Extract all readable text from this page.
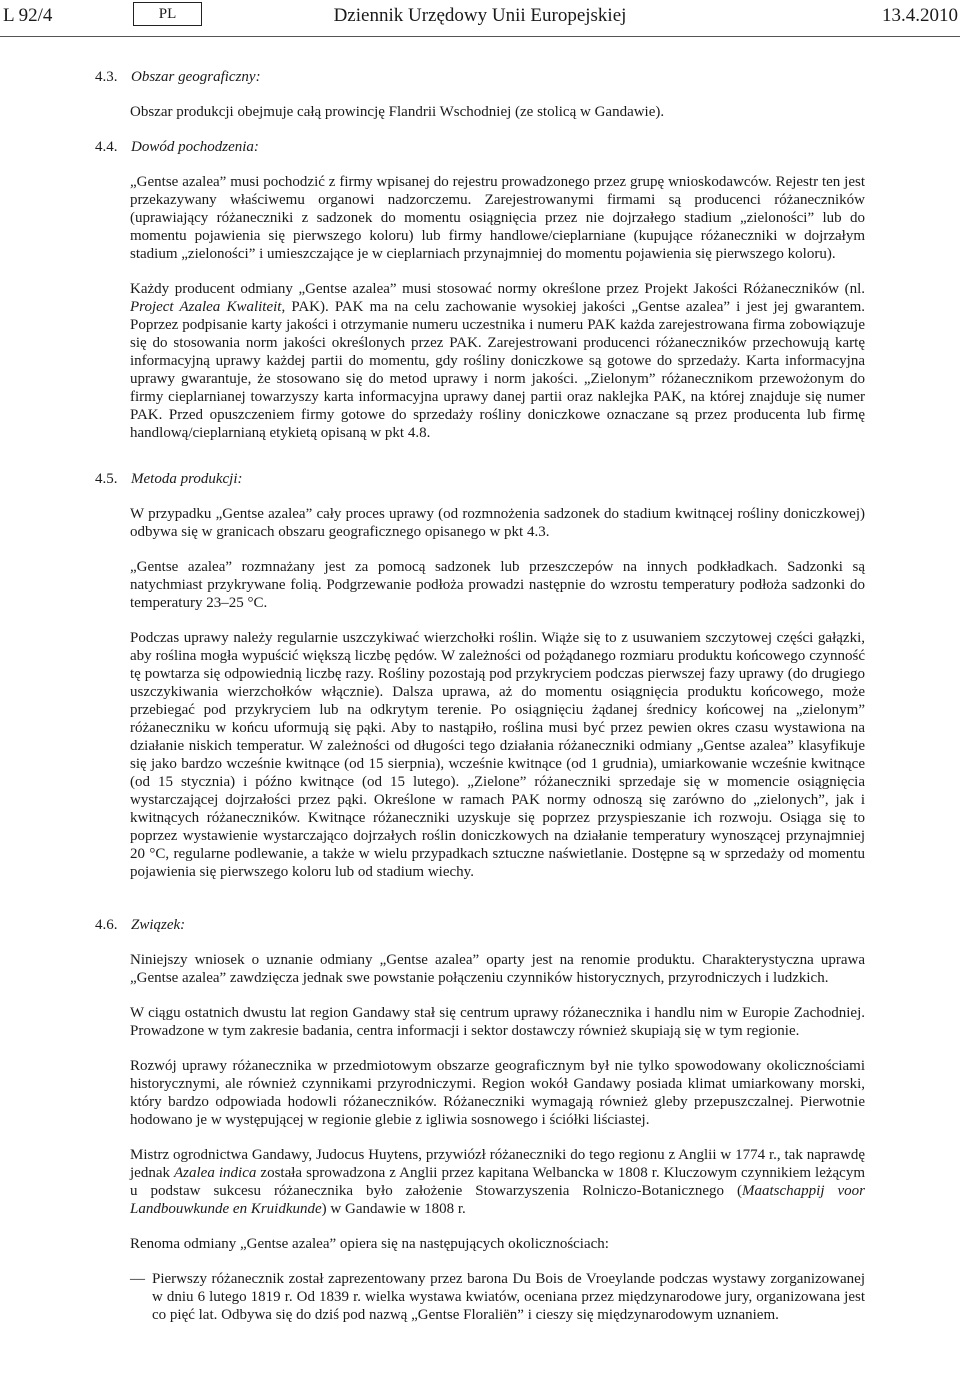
L 92/4	PL	Dziennik Urzędowy Unii Europejskiej	13.4.2010

4.3. Obszar geograficzny:

Obszar produkcji obejmuje całą prowincję Flandrii Wschodniej (ze stolicą w Gandawie).

4.4. Dowód pochodzenia:

„Gentse azalea” musi pochodzić z firmy wpisanej do rejestru prowadzonego przez grupę wnioskodawców. Rejestr ten jest przekazywany właściwemu organowi nadzorczemu. Zarejestrowanymi firmami są producenci różaneczników (uprawiający różaneczniki z sadzonek do momentu osiągnięcia przez nie dojrzałego stadium „zieloności” lub do momentu pojawienia się pierwszego koloru) lub firmy handlowe/cieplarniane (kupujące różaneczniki w dojrzałym stadium „zieloności” i umieszczające je w cieplarniach przynajmniej do momentu pojawienia się pierwszego koloru).

Każdy producent odmiany „Gentse azalea” musi stosować normy określone przez Projekt Jakości Różaneczników (nl. Project Azalea Kwaliteit, PAK). PAK ma na celu zachowanie wysokiej jakości „Gentse azalea” i jest jej gwarantem. Poprzez podpisanie karty jakości i otrzymanie numeru uczestnika i numeru PAK każda zarejestrowana firma zobowiązuje się do stosowania norm jakości określonych przez PAK. Zarejestrowani producenci różaneczników przechowują kartę informacyjną uprawy każdej partii do momentu, gdy rośliny doniczkowe są gotowe do sprzedaży. Karta informacyjna uprawy gwarantuje, że stosowano się do metod uprawy i norm jakości. „Zielonym” różanecznikom przewożonym do firmy cieplarnianej towarzyszy karta informacyjna uprawy danej partii oraz naklejka PAK, na której znajduje się numer PAK. Przed opuszczeniem firmy gotowe do sprzedaży rośliny doniczkowe oznaczane są przez producenta lub firmę handlową/cieplarnianą etykietą opisaną w pkt 4.8.

4.5. Metoda produkcji:

W przypadku „Gentse azalea” cały proces uprawy (od rozmnożenia sadzonek do stadium kwitnącej rośliny doniczkowej) odbywa się w granicach obszaru geograficznego opisanego w pkt 4.3.

„Gentse azalea” rozmnażany jest za pomocą sadzonek lub przeszczepów na innych podkładkach. Sadzonki są natychmiast przykrywane folią. Podgrzewanie podłoża prowadzi następnie do wzrostu temperatury podłoża sadzonki do temperatury 23–25 °C.

Podczas uprawy należy regularnie uszczykiwać wierzchołki roślin. Wiąże się to z usuwaniem szczytowej części gałązki, aby roślina mogła wypuścić większą liczbę pędów. W zależności od pożądanego rozmiaru produktu końcowego czynność tę powtarza się odpowiednią liczbę razy. Rośliny pozostają pod przykryciem podczas pierwszej fazy uprawy (do drugiego uszczykiwania wierzchołków włącznie). Dalsza uprawa, aż do momentu osiągnięcia produktu końcowego, może przebiegać pod przykryciem lub na odkrytym terenie. Po osiągnięciu żądanej średnicy końcowej na „zielonym” różaneczniku w końcu uformują się pąki. Aby to nastąpiło, roślina musi być przez pewien okres czasu wystawiona na działanie niskich temperatur. W zależności od długości tego działania różaneczniki odmiany „Gentse azalea” klasyfikuje się jako bardzo wcześnie kwitnące (od 15 sierpnia), wcześnie kwitnące (od 1 grudnia), umiarkowanie wcześnie kwitnące (od 15 stycznia) i późno kwitnące (od 15 lutego). „Zielone” różaneczniki sprzedaje się w momencie osiągnięcia wystarczającej dojrzałości przez pąki. Określone w ramach PAK normy odnoszą się zarówno do „zielonych”, jak i kwitnących różaneczników. Kwitnące różaneczniki uzyskuje się poprzez przyspieszanie ich rozwoju. Osiąga się to poprzez wystawienie wystarczająco dojrzałych roślin doniczkowych na działanie temperatury wynoszącej przynajmniej 20 °C, regularne podlewanie, a także w wielu przypadkach sztuczne naświetlanie. Dostępne są w sprzedaży od momentu pojawienia się pierwszego koloru lub od stadium wiechy.

4.6. Związek:

Niniejszy wniosek o uznanie odmiany „Gentse azalea” oparty jest na renomie produktu. Charakterystyczna uprawa „Gentse azalea” zawdzięcza jednak swe powstanie połączeniu czynników historycznych, przyrodniczych i ludzkich.

W ciągu ostatnich dwustu lat region Gandawy stał się centrum uprawy różanecznika i handlu nim w Europie Zachodniej. Prowadzone w tym zakresie badania, centra informacji i sektor dostawczy również skupiają się w tym regionie.

Rozwój uprawy różanecznika w przedmiotowym obszarze geograficznym był nie tylko spowodowany okolicznościami historycznymi, ale również czynnikami przyrodniczymi. Region wokół Gandawy posiada klimat umiarkowany morski, który bardzo odpowiada hodowli różaneczników. Różaneczniki wymagają również gleby przepuszczalnej. Pierwotnie hodowano je w występującej w regionie glebie z igliwia sosnowego i ściółki liściastej.

Mistrz ogrodnictwa Gandawy, Judocus Huytens, przywiózł różaneczniki do tego regionu z Anglii w 1774 r., tak naprawdę jednak Azalea indica została sprowadzona z Anglii przez kapitana Welbancka w 1808 r. Kluczowym czynnikiem leżącym u podstaw sukcesu różanecznika było założenie Stowarzyszenia Rolniczo-Botanicznego (Maatschappij voor Landbouwkunde en Kruidkunde) w Gandawie w 1808 r.

Renoma odmiany „Gentse azalea” opiera się na następujących okolicznościach:

— Pierwszy różanecznik został zaprezentowany przez barona Du Bois de Vroeylande podczas wystawy zorganizowanej w dniu 6 lutego 1819 r. Od 1839 r. wielka wystawa kwiatów, oceniana przez międzynarodowe jury, organizowana jest co pięć lat. Odbywa się do dziś pod nazwą „Gentse Floraliën” i cieszy się międzynarodowym uznaniem.
